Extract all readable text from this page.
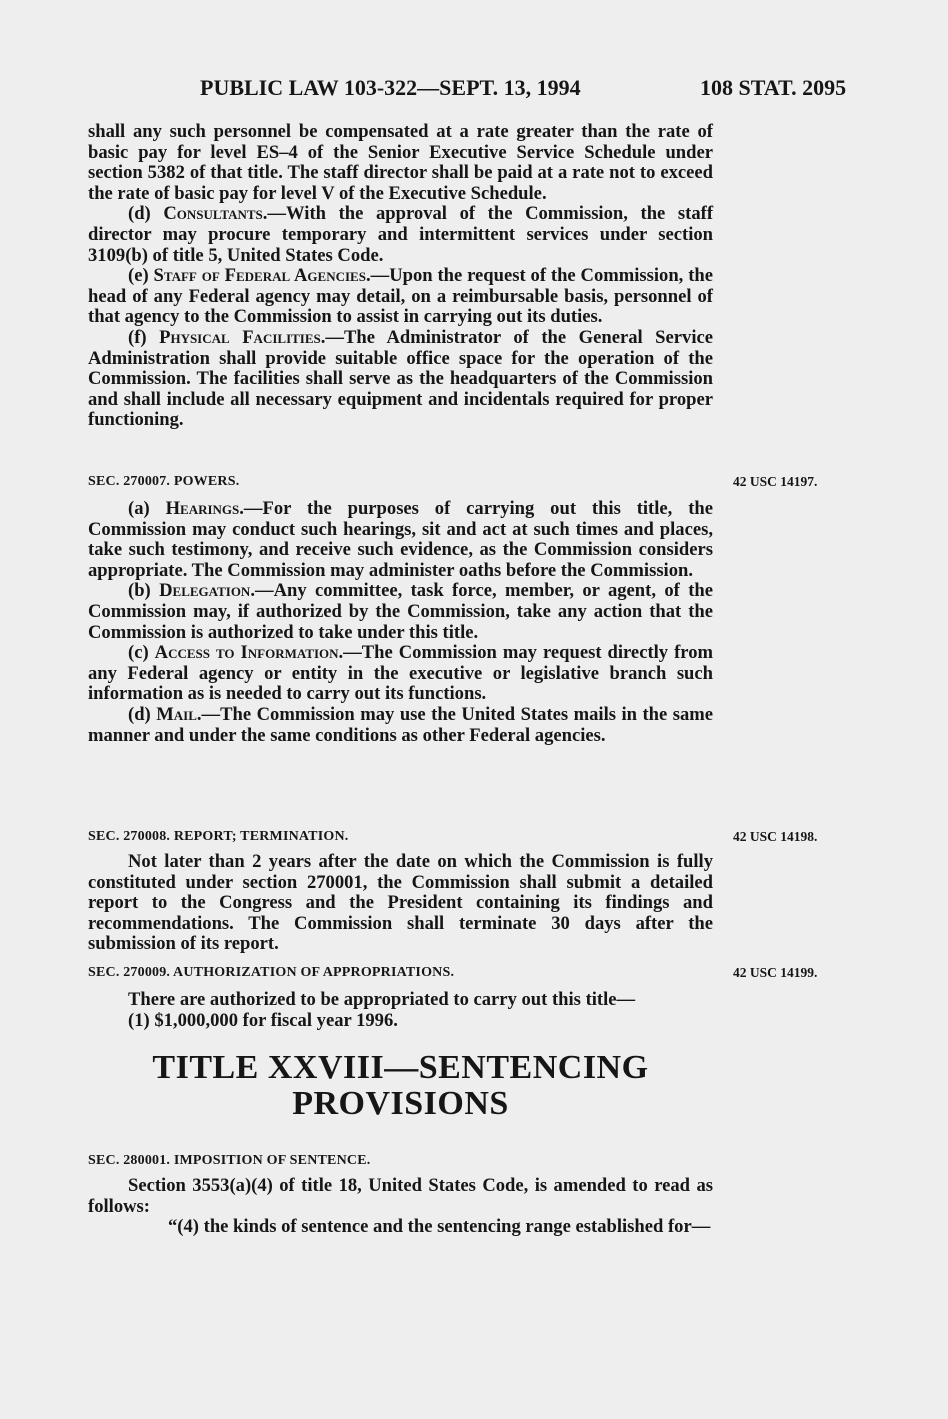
PUBLIC LAW 103-322—SEPT. 13, 1994	108 STAT. 2095

shall any such personnel be compensated at a rate greater than the rate of basic pay for level ES–4 of the Senior Executive Service Schedule under section 5382 of that title. The staff director shall be paid at a rate not to exceed the rate of basic pay for level V of the Executive Schedule.

(d) Consultants.—With the approval of the Commission, the staff director may procure temporary and intermittent services under section 3109(b) of title 5, United States Code.

(e) Staff of Federal Agencies.—Upon the request of the Commission, the head of any Federal agency may detail, on a reimbursable basis, personnel of that agency to the Commission to assist in carrying out its duties.

(f) Physical Facilities.—The Administrator of the General Service Administration shall provide suitable office space for the operation of the Commission. The facilities shall serve as the headquarters of the Commission and shall include all necessary equipment and incidentals required for proper functioning.

SEC. 270007. POWERS.	42 USC 14197.

(a) Hearings.—For the purposes of carrying out this title, the Commission may conduct such hearings, sit and act at such times and places, take such testimony, and receive such evidence, as the Commission considers appropriate. The Commission may administer oaths before the Commission.

(b) Delegation.—Any committee, task force, member, or agent, of the Commission may, if authorized by the Commission, take any action that the Commission is authorized to take under this title.

(c) Access to Information.—The Commission may request directly from any Federal agency or entity in the executive or legislative branch such information as is needed to carry out its functions.

(d) Mail.—The Commission may use the United States mails in the same manner and under the same conditions as other Federal agencies.

SEC. 270008. REPORT; TERMINATION.	42 USC 14198.

Not later than 2 years after the date on which the Commission is fully constituted under section 270001, the Commission shall submit a detailed report to the Congress and the President containing its findings and recommendations. The Commission shall terminate 30 days after the submission of its report.

SEC. 270009. AUTHORIZATION OF APPROPRIATIONS.	42 USC 14199.

There are authorized to be appropriated to carry out this title—

(1) $1,000,000 for fiscal year 1996.

TITLE XXVIII—SENTENCING
PROVISIONS

SEC. 280001. IMPOSITION OF SENTENCE.

Section 3553(a)(4) of title 18, United States Code, is amended to read as follows:

“(4) the kinds of sentence and the sentencing range established for—
